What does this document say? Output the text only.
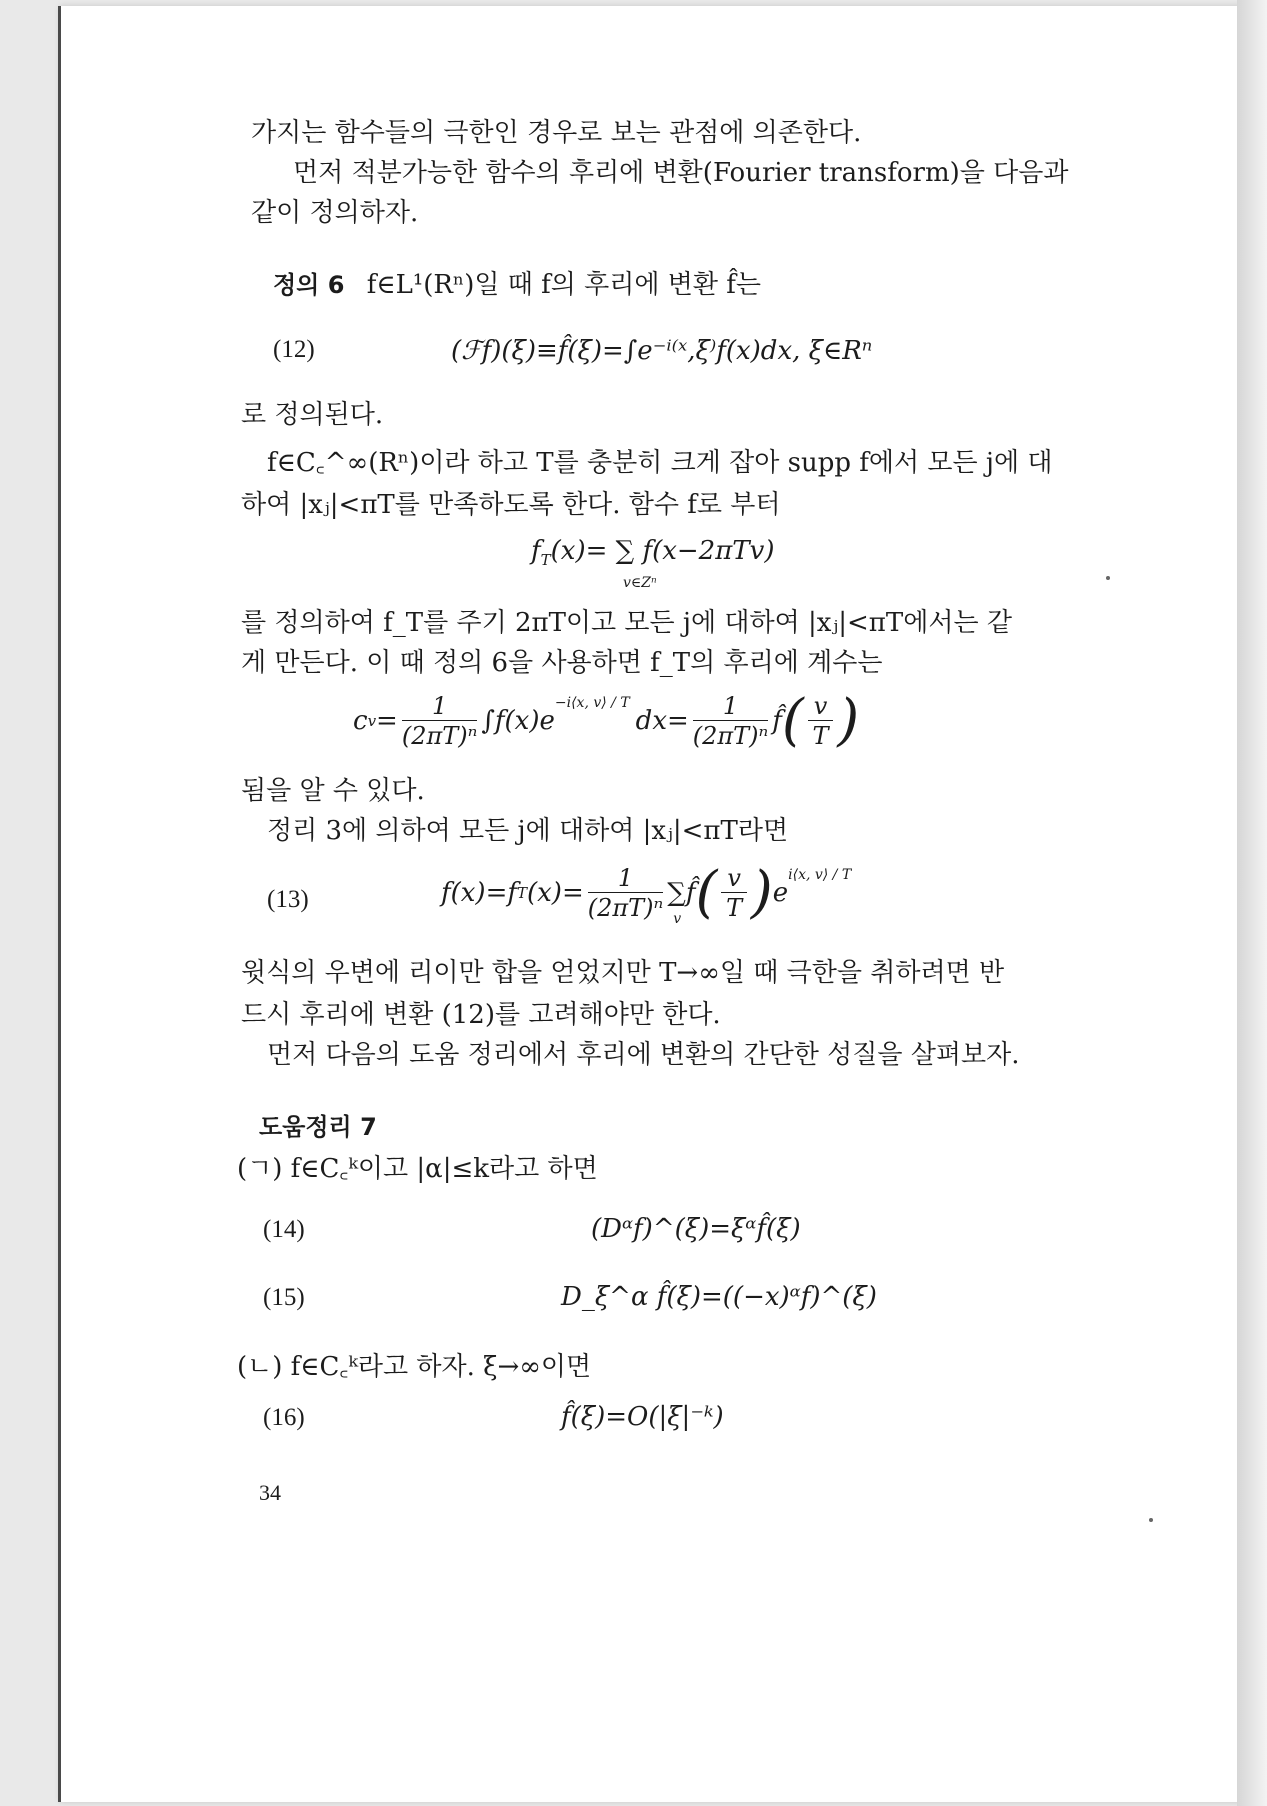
가지는 함수들의 극한인 경우로 보는 관점에 의존한다.
먼저 적분가능한 함수의 후리에 변환(Fourier transform)을 다음과
같이 정의하자.
정의 6 f∈L¹(Rⁿ)일 때 f의 후리에 변환 f̂는
(12)	(ℱf)(ξ)≡f̂(ξ)=∫e⁻ⁱ⁽ˣ,ξ⁾f(x)dx, ξ∈Rⁿ
로 정의된다.
f∈C꜀^∞(Rⁿ)이라 하고 T를 충분히 크게 잡아 supp f에서 모든 j에 대
하여 |xⱼ|<πT를 만족하도록 한다. 함수 f로 부터
$f_T(x)=$ ∑ f(x−2πTv)
v∈Zⁿ
를 정의하여 f_T를 주기 2πT이고 모든 j에 대하여 |xⱼ|<πT에서는 같
게 만든다. 이 때 정의 6을 사용하면 f_T의 후리에 계수는
c $v = \frac{1}{\text{(2πT)ⁿ}} \int f(x)e$
−i⟨x, v⟩ / T
$dx= \frac{1}{\text{(2πT)ⁿ}}$ f̂ ( $\frac{v}{T}$ )
됨을 알 수 있다.
정리 3에 의하여 모든 j에 대하여 |xⱼ|<πT라면
(13)	f(x)=f T $(x)= \frac{1}{\text{(2πT)ⁿ}}$ ∑
v
f̂ ( $\frac{v}{T}$ ) e
i⟨x, v⟩ / T
윗식의 우변에 리이만 합을 얻었지만 T→∞일 때 극한을 취하려면 반
드시 후리에 변환 (12)를 고려해야만 한다.
먼저 다음의 도움 정리에서 후리에 변환의 간단한 성질을 살펴보자.
도움정리 7
(ㄱ) f∈C꜀ᵏ이고 |α|≤k라고 하면
(14)	(Dᵅf)^(ξ)=ξᵅf̂(ξ)
(15)	D_ξ^α f̂(ξ)=((−x)ᵅf)^(ξ)
(ㄴ) f∈C꜀ᵏ라고 하자. ξ→∞이면
(16)	f̂(ξ)=O(|ξ|⁻ᵏ)
34
